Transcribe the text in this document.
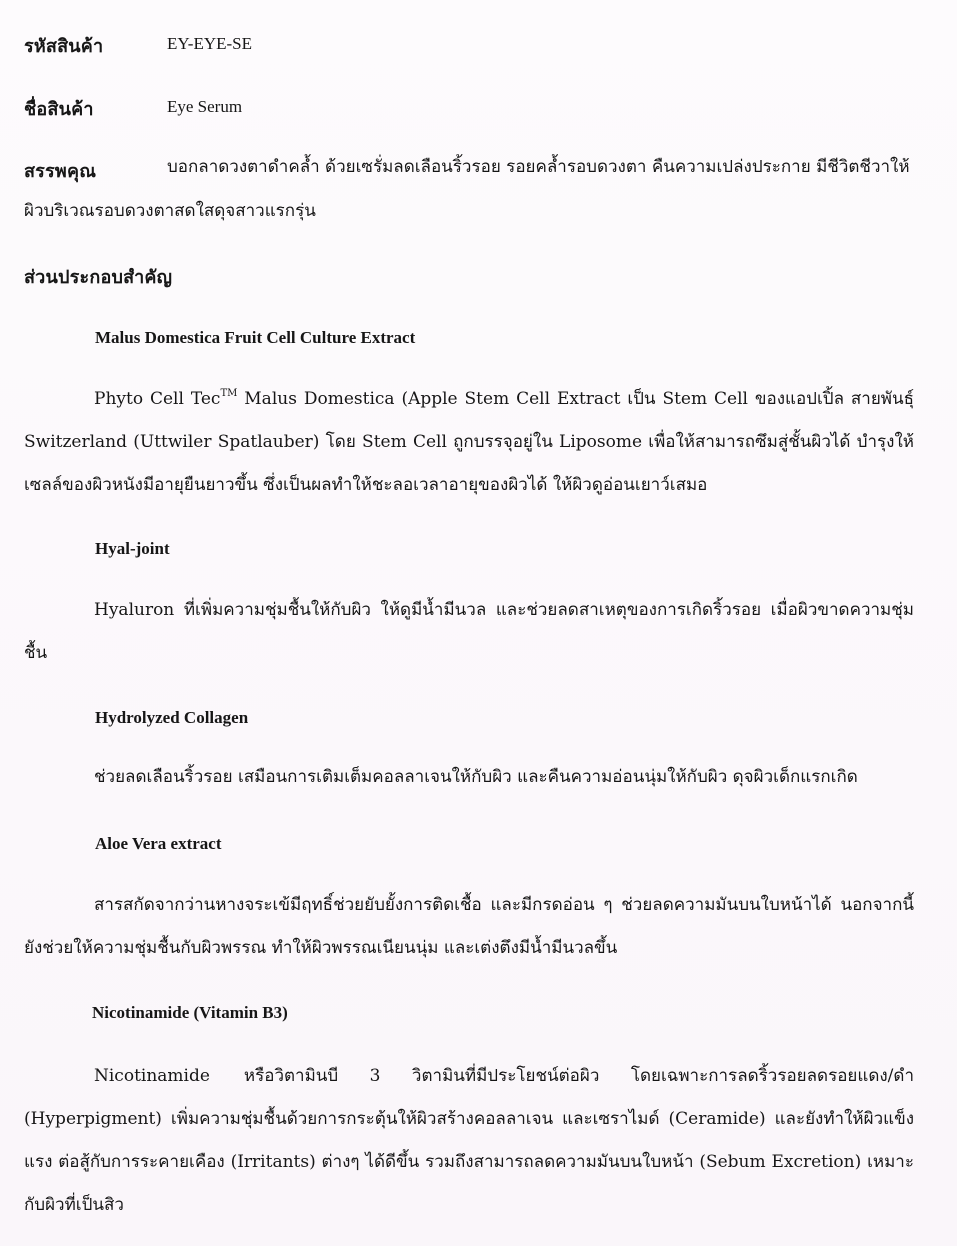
รหัสสินค้า	EY-EYE-SE
ชื่อสินค้า	Eye Serum
สรรพคุณ	บอกลาดวงตาดำคล้ำ ด้วยเซรั่มลดเลือนริ้วรอย รอยคล้ำรอบดวงตา คืนความเปล่งประกาย มีชีวิตชีวาให้
ผิวบริเวณรอบดวงตาสดใสดุจสาวแรกรุ่น
ส่วนประกอบสำคัญ
Malus Domestica Fruit Cell Culture Extract
Phyto Cell Tec™ Malus Domestica (Apple Stem Cell Extract เป็น Stem Cell ของแอปเปิ้ล สายพันธุ์ Switzerland (Uttwiler Spatlauber) โดย Stem Cell ถูกบรรจุอยู่ใน Liposome เพื่อให้สามารถซึมสู่ชั้นผิวได้ บำรุงให้เซลล์ของผิวหนังมีอายุยืนยาวขึ้น ซึ่งเป็นผลทำให้ชะลอเวลาอายุของผิวได้ ให้ผิวดูอ่อนเยาว์เสมอ
Hyal-joint
Hyaluron ที่เพิ่มความชุ่มชื้นให้กับผิว ให้ดูมีน้ำมีนวล และช่วยลดสาเหตุของการเกิดริ้วรอย เมื่อผิวขาดความชุ่มชื้น
Hydrolyzed Collagen
ช่วยลดเลือนริ้วรอย เสมือนการเติมเต็มคอลลาเจนให้กับผิว และคืนความอ่อนนุ่มให้กับผิว ดุจผิวเด็กแรกเกิด
Aloe Vera extract
สารสกัดจากว่านหางจระเข้มีฤทธิ์ช่วยยับยั้งการติดเชื้อ และมีกรดอ่อน ๆ ช่วยลดความมันบนใบหน้าได้ นอกจากนี้ยังช่วยให้ความชุ่มชื้นกับผิวพรรณ ทำให้ผิวพรรณเนียนนุ่ม และเต่งตึงมีน้ำมีนวลขึ้น
Nicotinamide (Vitamin B3)
Nicotinamide หรือวิตามินบี 3 วิตามินที่มีประโยชน์ต่อผิว โดยเฉพาะการลดริ้วรอยลดรอยแดง/ดำ (Hyperpigment) เพิ่มความชุ่มชื้นด้วยการกระตุ้นให้ผิวสร้างคอลลาเจน และเซราไมด์ (Ceramide) และยังทำให้ผิวแข็งแรง ต่อสู้กับการระคายเคือง (Irritants) ต่างๆ ได้ดีขึ้น รวมถึงสามารถลดความมันบนใบหน้า (Sebum Excretion) เหมาะกับผิวที่เป็นสิว
